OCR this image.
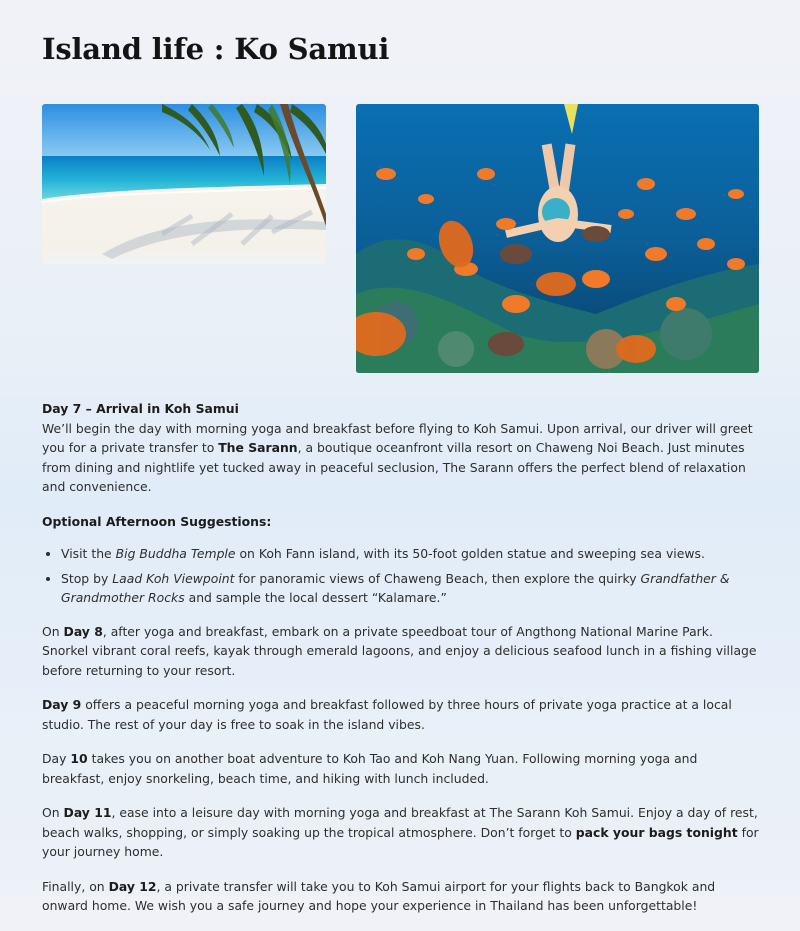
Island life : Ko Samui

Day 7 – Arrival in Koh Samui
We’ll begin the day with morning yoga and breakfast before flying to Koh Samui. Upon arrival, our driver will greet you for a private transfer to The Sarann, a boutique oceanfront villa resort on Chaweng Noi Beach. Just minutes from dining and nightlife yet tucked away in peaceful seclusion, The Sarann offers the perfect blend of relaxation and convenience.

Optional Afternoon Suggestions:

• Visit the Big Buddha Temple on Koh Fann island, with its 50-foot golden statue and sweeping sea views.
• Stop by Laad Koh Viewpoint for panoramic views of Chaweng Beach, then explore the quirky Grandfather & Grandmother Rocks and sample the local dessert “Kalamare.”

On Day 8, after yoga and breakfast, embark on a private speedboat tour of Angthong National Marine Park. Snorkel vibrant coral reefs, kayak through emerald lagoons, and enjoy a delicious seafood lunch in a fishing village before returning to your resort.

Day 9 offers a peaceful morning yoga and breakfast followed by three hours of private yoga practice at a local studio. The rest of your day is free to soak in the island vibes.

Day 10 takes you on another boat adventure to Koh Tao and Koh Nang Yuan. Following morning yoga and breakfast, enjoy snorkeling, beach time, and hiking with lunch included.

On Day 11, ease into a leisure day with morning yoga and breakfast at The Sarann Koh Samui. Enjoy a day of rest, beach walks, shopping, or simply soaking up the tropical atmosphere. Don’t forget to pack your bags tonight for your journey home.

Finally, on Day 12, a private transfer will take you to Koh Samui airport for your flights back to Bangkok and onward home. We wish you a safe journey and hope your experience in Thailand has been unforgettable!
